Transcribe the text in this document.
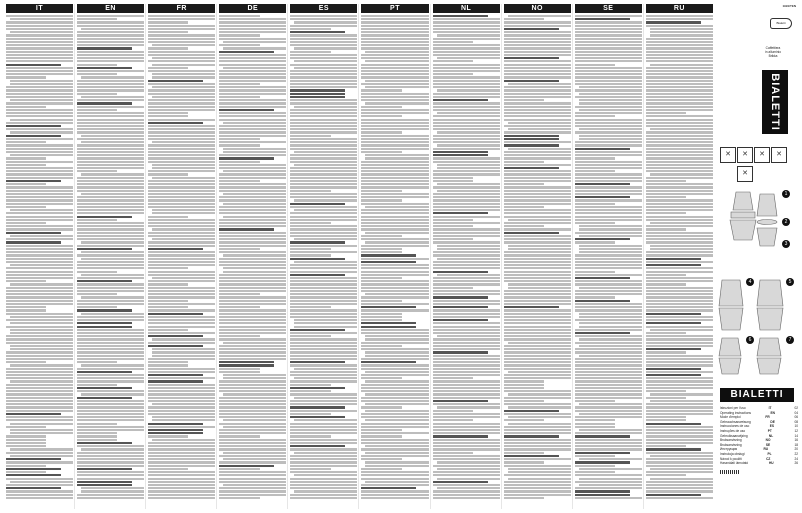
IT	EN	FR	DE	ES	PT	NL	NO	SE	RU	1991/TEN
Bialetti
Caffettiera
in alluminio
Brikka
BIALETTI
✕	✕	✕	✕
✕
1
2
3
4	5
6	7
BIALETTI
Istruzioni per l'uso	IT	02
Operating instructions	EN	04
Mode d'emploi	FR	06
Gebrauchsanweisung	DE	08
Instrucciones de uso	ES	10
Instruções de uso	PT	12
Gebruiksaanwijzing	NL	14
Bruksanvisning	NO	16
Bruksanvisning	SE	18
Инструкция	RU	20
Instrukcja obsługi	PL	22
Návod k použití	CZ	24
Használati útmutató	HU	26
